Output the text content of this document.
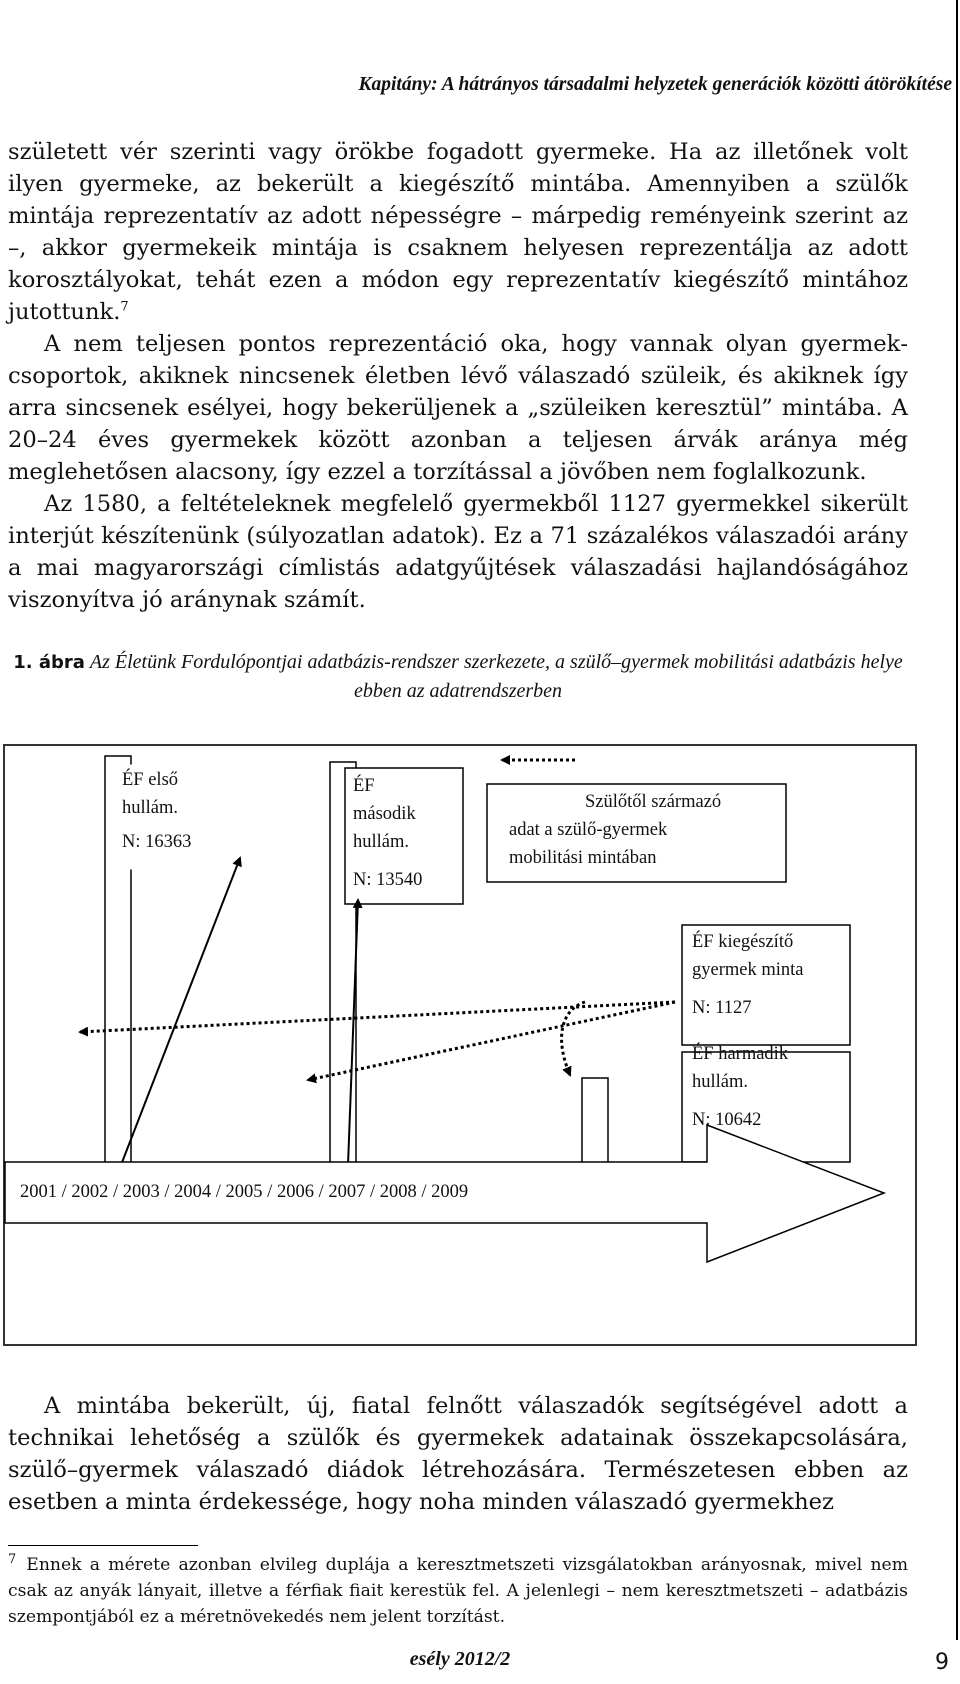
Kapitány: A hátrányos társadalmi helyzetek generációk közötti átörökítése

született vér szerinti vagy örökbe fogadott gyermeke. Ha az illetőnek volt ilyen gyermeke, az bekerült a kiegészítő mintába. Amennyiben a szülők mintája reprezentatív az adott népességre – márpedig reményeink szerint az –, akkor gyermekeik mintája is csaknem helyesen reprezentálja az adott korosztályokat, tehát ezen a módon egy reprezentatív kiegészítő mintához jutottunk.$^7$

A nem teljesen pontos reprezentáció oka, hogy vannak olyan gyermekcsoportok, akiknek nincsenek életben lévő válaszadó szüleik, és akiknek így arra sincsenek esélyei, hogy bekerüljenek a „szüleiken keresztül” mintába. A 20–24 éves gyermekek között azonban a teljesen árvák aránya még meglehetősen alacsony, így ezzel a torzítással a jövőben nem foglalkozunk.

Az 1580, a feltételeknek megfelelő gyermekből 1127 gyermekkel sikerült interjút készítenünk (súlyozatlan adatok). Ez a 71 százalékos válaszadói arány a mai magyarországi címlistás adatgyűjtések válaszadási hajlandóságához viszonyítva jó aránynak számít.

1. ábra Az Életünk Fordulópontjai adatbázis-rendszer szerkezete, a szülő–gyermek mobilitási adatbázis helye ebben az adatrendszerben
ÉF első
hullám.
N: 16363
ÉF
második
hullám.
N: 13540
Szülőtől származó
adat a szülő-gyermek
mobilitási mintában
ÉF kiegészítő
gyermek minta
N: 1127
ÉF harmadik
hullám.
N: 10642
2001 / 2002 / 2003 / 2004 / 2005 / 2006 / 2007 / 2008 / 2009

A mintába bekerült, új, fiatal felnőtt válaszadók segítségével adott a technikai lehetőség a szülők és gyermekek adatainak összekapcsolására, szülő–gyermek válaszadó diádok létrehozására. Természetesen ebben az esetben a minta érdekessége, hogy noha minden válaszadó gyermekhez

$^7$ Ennek a mérete azonban elvileg duplája a keresztmetszeti vizsgálatokban arányosnak, mivel nem csak az anyák lányait, illetve a férfiak fiait kerestük fel. A jelenlegi – nem keresztmetszeti – adatbázis szempontjából ez a méretnövekedés nem jelent torzítást.
esély 2012/2	9
